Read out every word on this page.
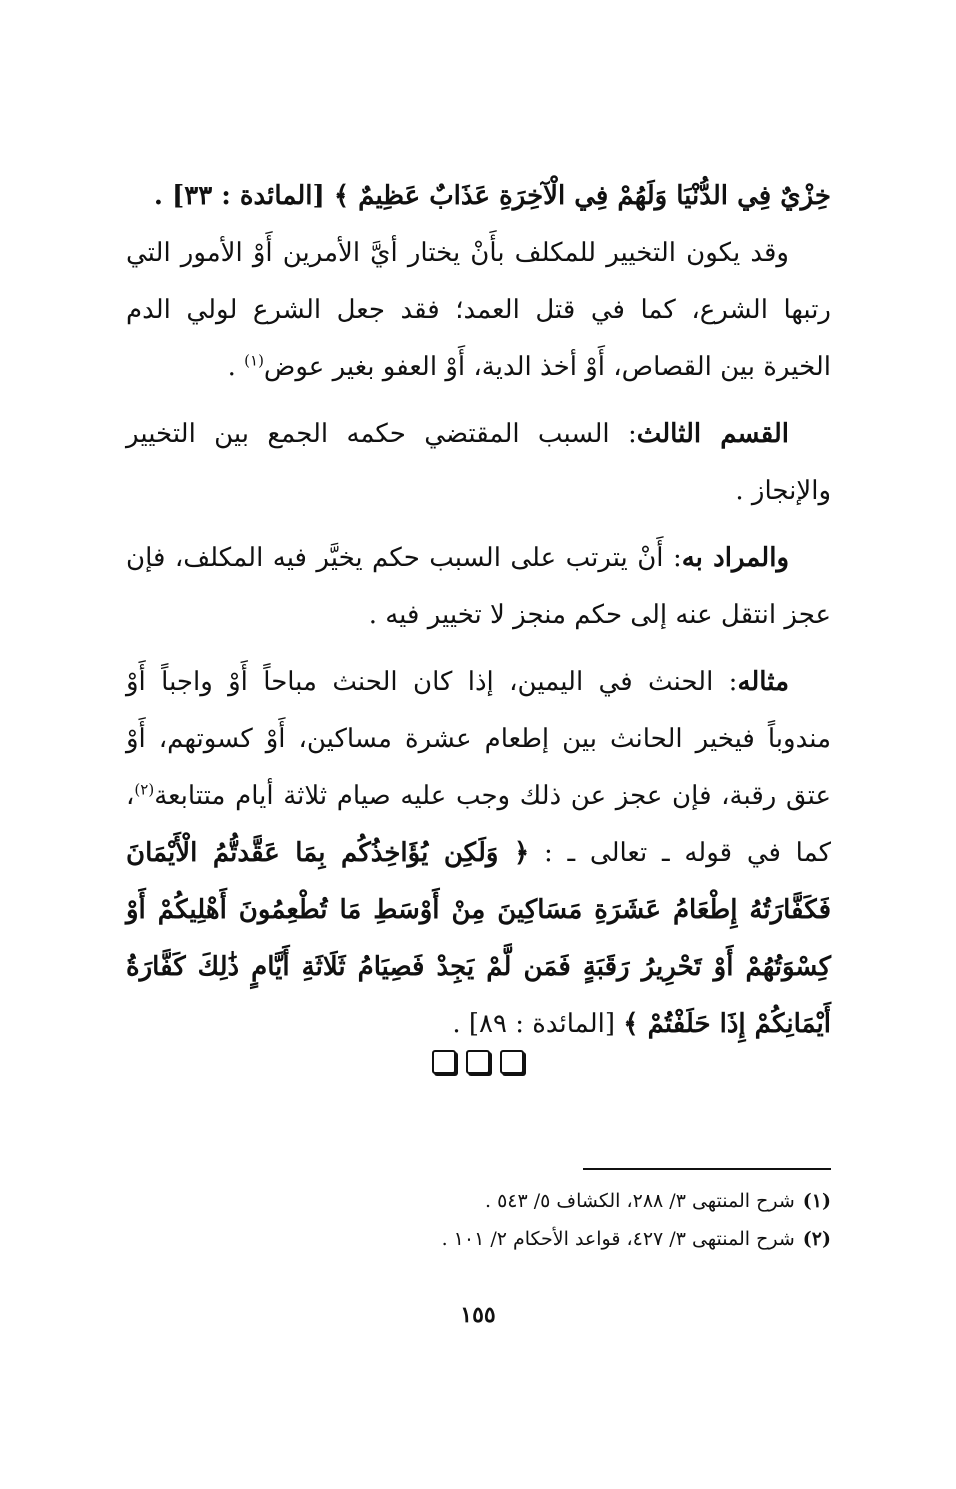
خِزْيٌ فِي الدُّنْيَا وَلَهُمْ فِي الْآخِرَةِ عَذَابٌ عَظِيمٌ ﴾ [المائدة : ٣٣] .

وقد يكون التخيير للمكلف بأَنْ يختار أيَّ الأمرين أَوْ الأمور التي رتبها الشرع، كما في قتل العمد؛ فقد جعل الشرع لولي الدم الخيرة بين القصاص، أَوْ أخذ الدية، أَوْ العفو بغير عوض$^{(١)}$ .

القسم الثالث: السبب المقتضي حكمه الجمع بين التخيير والإنجاز .

والمراد به: أَنْ يترتب على السبب حكم يخيَّر فيه المكلف، فإن عجز انتقل عنه إلى حكم منجز لا تخيير فيه .

مثاله: الحنث في اليمين، إذا كان الحنث مباحاً أَوْ واجباً أَوْ مندوباً فيخير الحانث بين إطعام عشرة مساكين، أَوْ كسوتهم، أَوْ عتق رقبة، فإن عجز عن ذلك وجب عليه صيام ثلاثة أيام متتابعة$^{(٢)}$، كما في قوله ـ تعالى ـ : ﴿ وَلَكِن يُؤَاخِذُكُم بِمَا عَقَّدتُّمُ الْأَيْمَانَ فَكَفَّارَتُهُ إِطْعَامُ عَشَرَةِ مَسَاكِينَ مِنْ أَوْسَطِ مَا تُطْعِمُونَ أَهْلِيكُمْ أَوْ كِسْوَتُهُمْ أَوْ تَحْرِيرُ رَقَبَةٍ فَمَن لَّمْ يَجِدْ فَصِيَامُ ثَلَاثَةِ أَيَّامٍ ذَٰلِكَ كَفَّارَةُ أَيْمَانِكُمْ إِذَا حَلَفْتُمْ ﴾ [المائدة : ٨٩] .

(١)شرح المنتهى ٣/ ٢٨٨، الكشاف ٥/ ٥٤٣ .

(٢)شرح المنتهى ٣/ ٤٢٧، قواعد الأحكام ٢/ ١٠١ .

١٥٥
